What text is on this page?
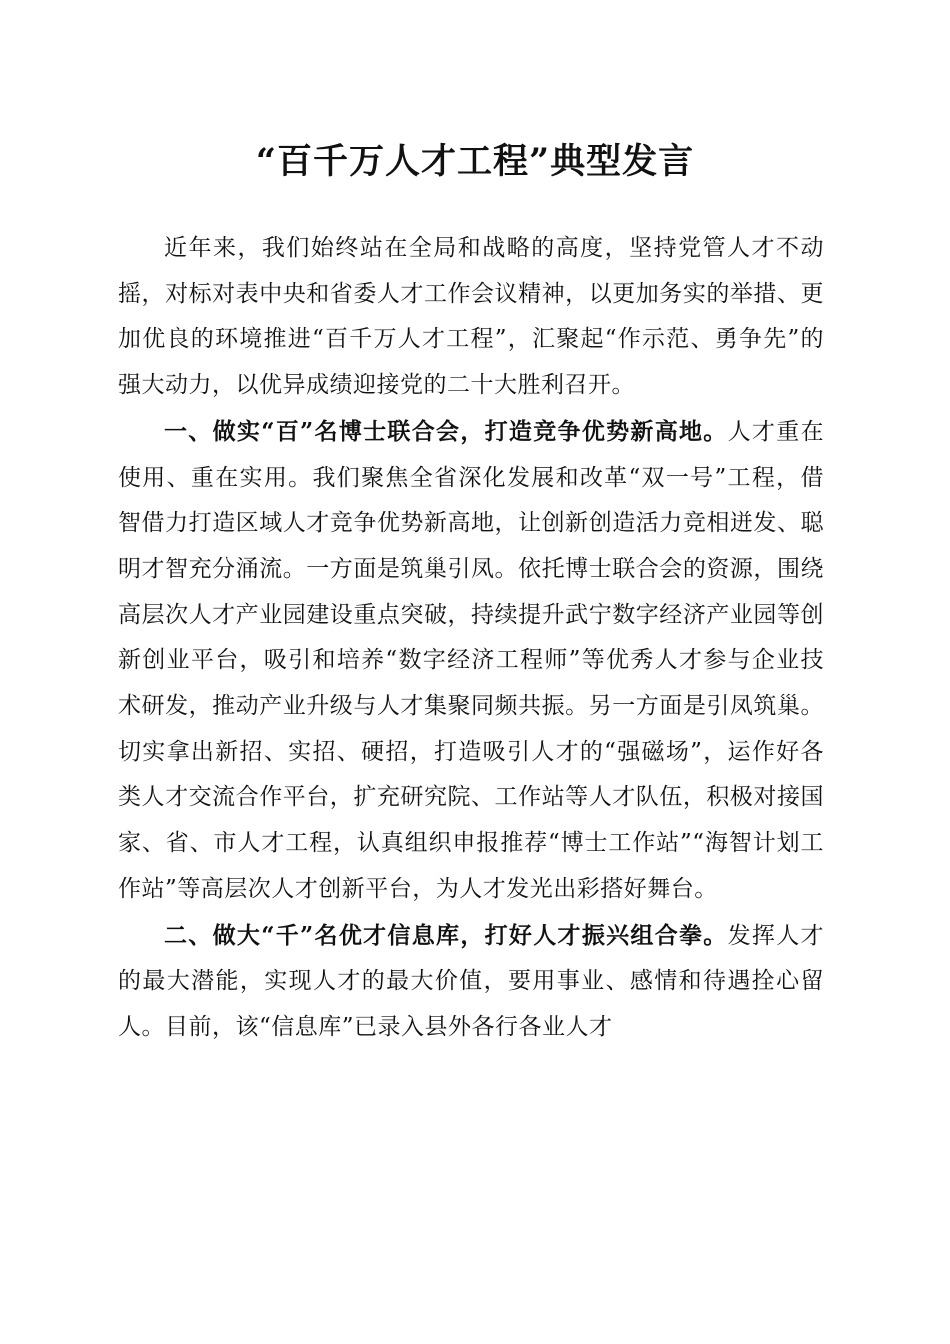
“百千万人才工程”典型发言

近年来，我们始终站在全局和战略的高度，坚持党管人才不动摇，对标对表中央和省委人才工作会议精神，以更加务实的举措、更加优良的环境推进“百千万人才工程”，汇聚起“作示范、勇争先”的强大动力，以优异成绩迎接党的二十大胜利召开。

一、做实“百”名博士联合会，打造竞争优势新高地。人才重在使用、重在实用。我们聚焦全省深化发展和改革“双一号”工程，借智借力打造区域人才竞争优势新高地，让创新创造活力竞相迸发、聪明才智充分涌流。一方面是筑巢引凤。依托博士联合会的资源，围绕高层次人才产业园建设重点突破，持续提升武宁数字经济产业园等创新创业平台，吸引和培养“数字经济工程师”等优秀人才参与企业技术研发，推动产业升级与人才集聚同频共振。另一方面是引凤筑巢。切实拿出新招、实招、硬招，打造吸引人才的“强磁场”，运作好各类人才交流合作平台，扩充研究院、工作站等人才队伍，积极对接国家、省、市人才工程，认真组织申报推荐“博士工作站”“海智计划工作站”等高层次人才创新平台，为人才发光出彩搭好舞台。

二、做大“千”名优才信息库，打好人才振兴组合拳。发挥人才的最大潜能，实现人才的最大价值，要用事业、感情和待遇拴心留人。目前，该“信息库”已录入县外各行各业人才
